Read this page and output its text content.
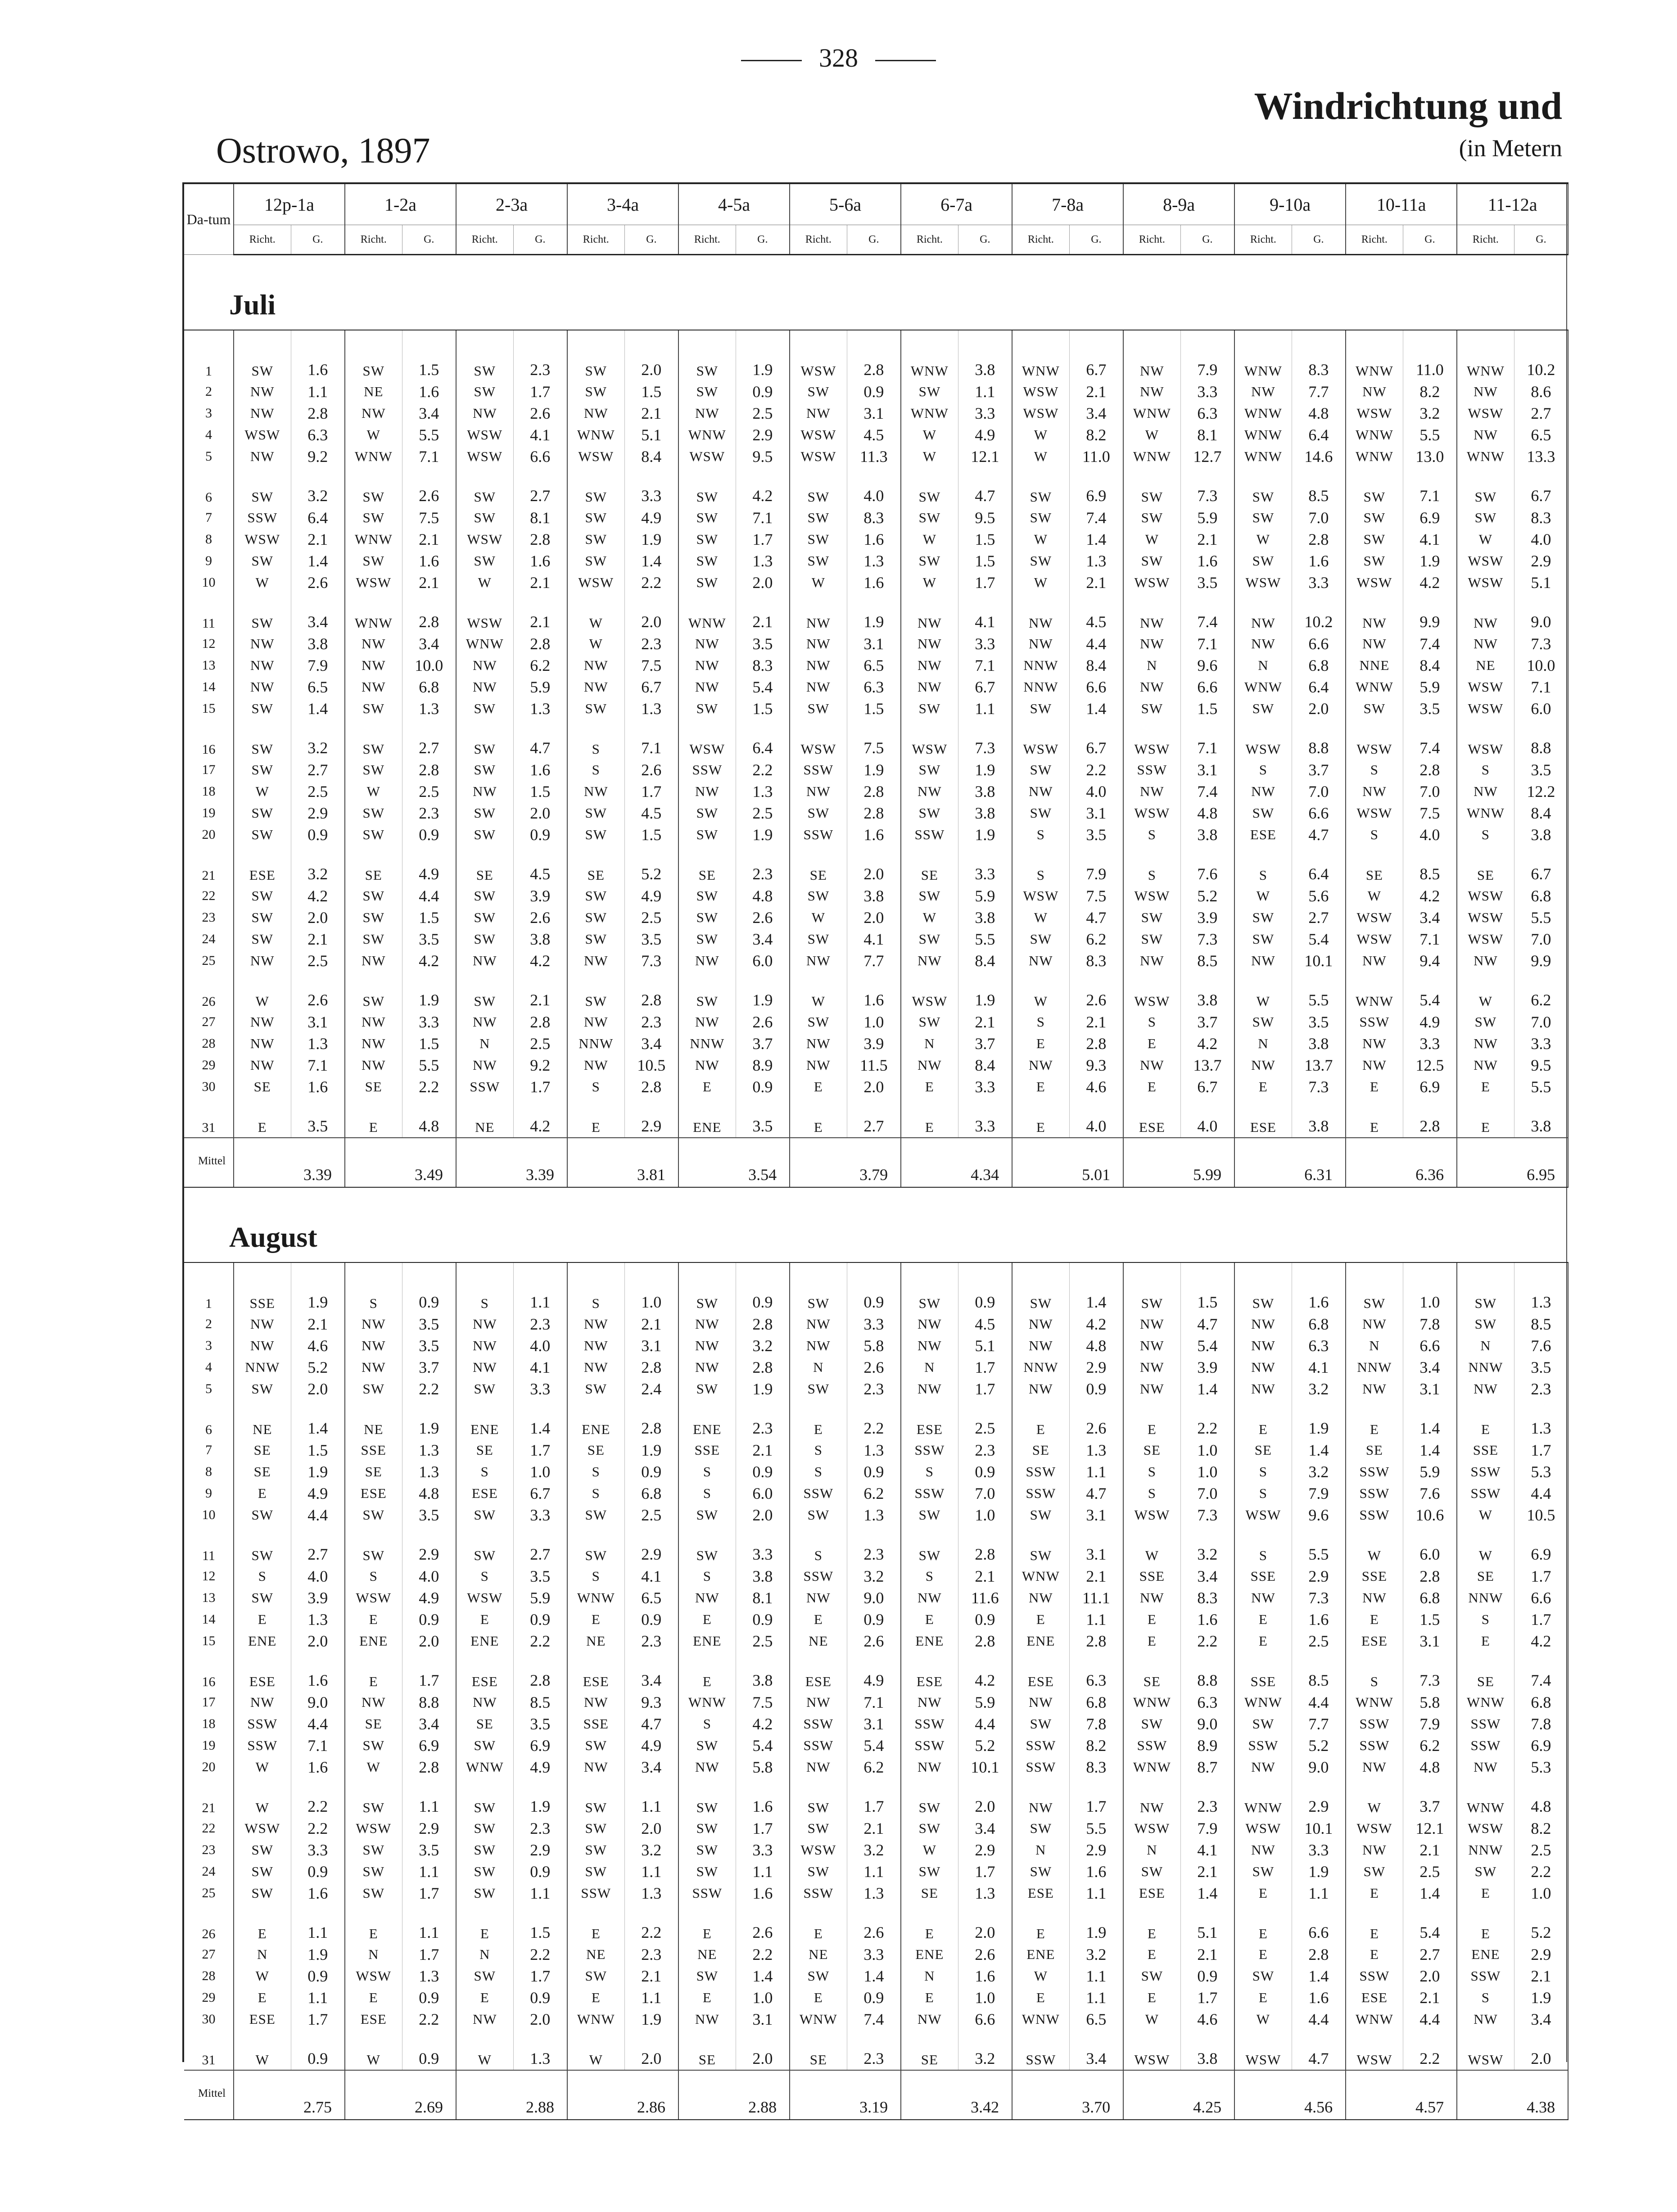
328
Windrichtung und
(in Metern
Ostrowo, 1897
Da-tum	12p-1a		1-2a		2-3a		3-4a		4-5a		5-6a		6-7a		7-8a		8-9a		9-10a		10-11a		11-12a	
	Richt.	G.	Richt.	G.	Richt.	G.	Richt.	G.	Richt.	G.	Richt.	G.	Richt.	G.	Richt.	G.	Richt.	G.	Richt.	G.	Richt.	G.	Richt.	G.

Juli																								

1	SW	1.6	SW	1.5	SW	2.3	SW	2.0	SW	1.9	WSW	2.8	WNW	3.8	WNW	6.7	NW	7.9	WNW	8.3	WNW	11.0	WNW	10.2
2	NW	1.1	NE	1.6	SW	1.7	SW	1.5	SW	0.9	SW	0.9	SW	1.1	WSW	2.1	NW	3.3	NW	7.7	NW	8.2	NW	8.6
3	NW	2.8	NW	3.4	NW	2.6	NW	2.1	NW	2.5	NW	3.1	WNW	3.3	WSW	3.4	WNW	6.3	WNW	4.8	WSW	3.2	WSW	2.7
4	WSW	6.3	W	5.5	WSW	4.1	WNW	5.1	WNW	2.9	WSW	4.5	W	4.9	W	8.2	W	8.1	WNW	6.4	WNW	5.5	NW	6.5
5	NW	9.2	WNW	7.1	WSW	6.6	WSW	8.4	WSW	9.5	WSW	11.3	W	12.1	W	11.0	WNW	12.7	WNW	14.6	WNW	13.0	WNW	13.3
6	SW	3.2	SW	2.6	SW	2.7	SW	3.3	SW	4.2	SW	4.0	SW	4.7	SW	6.9	SW	7.3	SW	8.5	SW	7.1	SW	6.7
7	SSW	6.4	SW	7.5	SW	8.1	SW	4.9	SW	7.1	SW	8.3	SW	9.5	SW	7.4	SW	5.9	SW	7.0	SW	6.9	SW	8.3
8	WSW	2.1	WNW	2.1	WSW	2.8	SW	1.9	SW	1.7	SW	1.6	W	1.5	W	1.4	W	2.1	W	2.8	SW	4.1	W	4.0
9	SW	1.4	SW	1.6	SW	1.6	SW	1.4	SW	1.3	SW	1.3	SW	1.5	SW	1.3	SW	1.6	SW	1.6	SW	1.9	WSW	2.9
10	W	2.6	WSW	2.1	W	2.1	WSW	2.2	SW	2.0	W	1.6	W	1.7	W	2.1	WSW	3.5	WSW	3.3	WSW	4.2	WSW	5.1
11	SW	3.4	WNW	2.8	WSW	2.1	W	2.0	WNW	2.1	NW	1.9	NW	4.1	NW	4.5	NW	7.4	NW	10.2	NW	9.9	NW	9.0
12	NW	3.8	NW	3.4	WNW	2.8	W	2.3	NW	3.5	NW	3.1	NW	3.3	NW	4.4	NW	7.1	NW	6.6	NW	7.4	NW	7.3
13	NW	7.9	NW	10.0	NW	6.2	NW	7.5	NW	8.3	NW	6.5	NW	7.1	NNW	8.4	N	9.6	N	6.8	NNE	8.4	NE	10.0
14	NW	6.5	NW	6.8	NW	5.9	NW	6.7	NW	5.4	NW	6.3	NW	6.7	NNW	6.6	NW	6.6	WNW	6.4	WNW	5.9	WSW	7.1
15	SW	1.4	SW	1.3	SW	1.3	SW	1.3	SW	1.5	SW	1.5	SW	1.1	SW	1.4	SW	1.5	SW	2.0	SW	3.5	WSW	6.0
16	SW	3.2	SW	2.7	SW	4.7	S	7.1	WSW	6.4	WSW	7.5	WSW	7.3	WSW	6.7	WSW	7.1	WSW	8.8	WSW	7.4	WSW	8.8
17	SW	2.7	SW	2.8	SW	1.6	S	2.6	SSW	2.2	SSW	1.9	SW	1.9	SW	2.2	SSW	3.1	S	3.7	S	2.8	S	3.5
18	W	2.5	W	2.5	NW	1.5	NW	1.7	NW	1.3	NW	2.8	NW	3.8	NW	4.0	NW	7.4	NW	7.0	NW	7.0	NW	12.2
19	SW	2.9	SW	2.3	SW	2.0	SW	4.5	SW	2.5	SW	2.8	SW	3.8	SW	3.1	WSW	4.8	SW	6.6	WSW	7.5	WNW	8.4
20	SW	0.9	SW	0.9	SW	0.9	SW	1.5	SW	1.9	SSW	1.6	SSW	1.9	S	3.5	S	3.8	ESE	4.7	S	4.0	S	3.8
21	ESE	3.2	SE	4.9	SE	4.5	SE	5.2	SE	2.3	SE	2.0	SE	3.3	S	7.9	S	7.6	S	6.4	SE	8.5	SE	6.7
22	SW	4.2	SW	4.4	SW	3.9	SW	4.9	SW	4.8	SW	3.8	SW	5.9	WSW	7.5	WSW	5.2	W	5.6	W	4.2	WSW	6.8
23	SW	2.0	SW	1.5	SW	2.6	SW	2.5	SW	2.6	W	2.0	W	3.8	W	4.7	SW	3.9	SW	2.7	WSW	3.4	WSW	5.5
24	SW	2.1	SW	3.5	SW	3.8	SW	3.5	SW	3.4	SW	4.1	SW	5.5	SW	6.2	SW	7.3	SW	5.4	WSW	7.1	WSW	7.0
25	NW	2.5	NW	4.2	NW	4.2	NW	7.3	NW	6.0	NW	7.7	NW	8.4	NW	8.3	NW	8.5	NW	10.1	NW	9.4	NW	9.9
26	W	2.6	SW	1.9	SW	2.1	SW	2.8	SW	1.9	W	1.6	WSW	1.9	W	2.6	WSW	3.8	W	5.5	WNW	5.4	W	6.2
27	NW	3.1	NW	3.3	NW	2.8	NW	2.3	NW	2.6	SW	1.0	SW	2.1	S	2.1	S	3.7	SW	3.5	SSW	4.9	SW	7.0
28	NW	1.3	NW	1.5	N	2.5	NNW	3.4	NNW	3.7	NW	3.9	N	3.7	E	2.8	E	4.2	N	3.8	NW	3.3	NW	3.3
29	NW	7.1	NW	5.5	NW	9.2	NW	10.5	NW	8.9	NW	11.5	NW	8.4	NW	9.3	NW	13.7	NW	13.7	NW	12.5	NW	9.5
30	SE	1.6	SE	2.2	SSW	1.7	S	2.8	E	0.9	E	2.0	E	3.3	E	4.6	E	6.7	E	7.3	E	6.9	E	5.5
31	E	3.5	E	4.8	NE	4.2	E	2.9	ENE	3.5	E	2.7	E	3.3	E	4.0	ESE	4.0	ESE	3.8	E	2.8	E	3.8
Mittel		3.39		3.49		3.39		3.81		3.54		3.79		4.34		5.01		5.99		6.31		6.36		6.95

August																								

1	SSE	1.9	S	0.9	S	1.1	S	1.0	SW	0.9	SW	0.9	SW	0.9	SW	1.4	SW	1.5	SW	1.6	SW	1.0	SW	1.3
2	NW	2.1	NW	3.5	NW	2.3	NW	2.1	NW	2.8	NW	3.3	NW	4.5	NW	4.2	NW	4.7	NW	6.8	NW	7.8	SW	8.5
3	NW	4.6	NW	3.5	NW	4.0	NW	3.1	NW	3.2	NW	5.8	NW	5.1	NW	4.8	NW	5.4	NW	6.3	N	6.6	N	7.6
4	NNW	5.2	NW	3.7	NW	4.1	NW	2.8	NW	2.8	N	2.6	N	1.7	NNW	2.9	NW	3.9	NW	4.1	NNW	3.4	NNW	3.5
5	SW	2.0	SW	2.2	SW	3.3	SW	2.4	SW	1.9	SW	2.3	NW	1.7	NW	0.9	NW	1.4	NW	3.2	NW	3.1	NW	2.3
6	NE	1.4	NE	1.9	ENE	1.4	ENE	2.8	ENE	2.3	E	2.2	ESE	2.5	E	2.6	E	2.2	E	1.9	E	1.4	E	1.3
7	SE	1.5	SSE	1.3	SE	1.7	SE	1.9	SSE	2.1	S	1.3	SSW	2.3	SE	1.3	SE	1.0	SE	1.4	SE	1.4	SSE	1.7
8	SE	1.9	SE	1.3	S	1.0	S	0.9	S	0.9	S	0.9	S	0.9	SSW	1.1	S	1.0	S	3.2	SSW	5.9	SSW	5.3
9	E	4.9	ESE	4.8	ESE	6.7	S	6.8	S	6.0	SSW	6.2	SSW	7.0	SSW	4.7	S	7.0	S	7.9	SSW	7.6	SSW	4.4
10	SW	4.4	SW	3.5	SW	3.3	SW	2.5	SW	2.0	SW	1.3	SW	1.0	SW	3.1	WSW	7.3	WSW	9.6	SSW	10.6	W	10.5
11	SW	2.7	SW	2.9	SW	2.7	SW	2.9	SW	3.3	S	2.3	SW	2.8	SW	3.1	W	3.2	S	5.5	W	6.0	W	6.9
12	S	4.0	S	4.0	S	3.5	S	4.1	S	3.8	SSW	3.2	S	2.1	WNW	2.1	SSE	3.4	SSE	2.9	SSE	2.8	SE	1.7
13	SW	3.9	WSW	4.9	WSW	5.9	WNW	6.5	NW	8.1	NW	9.0	NW	11.6	NW	11.1	NW	8.3	NW	7.3	NW	6.8	NNW	6.6
14	E	1.3	E	0.9	E	0.9	E	0.9	E	0.9	E	0.9	E	0.9	E	1.1	E	1.6	E	1.6	E	1.5	S	1.7
15	ENE	2.0	ENE	2.0	ENE	2.2	NE	2.3	ENE	2.5	NE	2.6	ENE	2.8	ENE	2.8	E	2.2	E	2.5	ESE	3.1	E	4.2
16	ESE	1.6	E	1.7	ESE	2.8	ESE	3.4	E	3.8	ESE	4.9	ESE	4.2	ESE	6.3	SE	8.8	SSE	8.5	S	7.3	SE	7.4
17	NW	9.0	NW	8.8	NW	8.5	NW	9.3	WNW	7.5	NW	7.1	NW	5.9	NW	6.8	WNW	6.3	WNW	4.4	WNW	5.8	WNW	6.8
18	SSW	4.4	SE	3.4	SE	3.5	SSE	4.7	S	4.2	SSW	3.1	SSW	4.4	SW	7.8	SW	9.0	SW	7.7	SSW	7.9	SSW	7.8
19	SSW	7.1	SW	6.9	SW	6.9	SW	4.9	SW	5.4	SSW	5.4	SSW	5.2	SSW	8.2	SSW	8.9	SSW	5.2	SSW	6.2	SSW	6.9
20	W	1.6	W	2.8	WNW	4.9	NW	3.4	NW	5.8	NW	6.2	NW	10.1	SSW	8.3	WNW	8.7	NW	9.0	NW	4.8	NW	5.3
21	W	2.2	SW	1.1	SW	1.9	SW	1.1	SW	1.6	SW	1.7	SW	2.0	NW	1.7	NW	2.3	WNW	2.9	W	3.7	WNW	4.8
22	WSW	2.2	WSW	2.9	SW	2.3	SW	2.0	SW	1.7	SW	2.1	SW	3.4	SW	5.5	WSW	7.9	WSW	10.1	WSW	12.1	WSW	8.2
23	SW	3.3	SW	3.5	SW	2.9	SW	3.2	SW	3.3	WSW	3.2	W	2.9	N	2.9	N	4.1	NW	3.3	NW	2.1	NNW	2.5
24	SW	0.9	SW	1.1	SW	0.9	SW	1.1	SW	1.1	SW	1.1	SW	1.7	SW	1.6	SW	2.1	SW	1.9	SW	2.5	SW	2.2
25	SW	1.6	SW	1.7	SW	1.1	SSW	1.3	SSW	1.6	SSW	1.3	SE	1.3	ESE	1.1	ESE	1.4	E	1.1	E	1.4	E	1.0
26	E	1.1	E	1.1	E	1.5	E	2.2	E	2.6	E	2.6	E	2.0	E	1.9	E	5.1	E	6.6	E	5.4	E	5.2
27	N	1.9	N	1.7	N	2.2	NE	2.3	NE	2.2	NE	3.3	ENE	2.6	ENE	3.2	E	2.1	E	2.8	E	2.7	ENE	2.9
28	W	0.9	WSW	1.3	SW	1.7	SW	2.1	SW	1.4	SW	1.4	N	1.6	W	1.1	SW	0.9	SW	1.4	SSW	2.0	SSW	2.1
29	E	1.1	E	0.9	E	0.9	E	1.1	E	1.0	E	0.9	E	1.0	E	1.1	E	1.7	E	1.6	ESE	2.1	S	1.9
30	ESE	1.7	ESE	2.2	NW	2.0	WNW	1.9	NW	3.1	WNW	7.4	NW	6.6	WNW	6.5	W	4.6	W	4.4	WNW	4.4	NW	3.4
31	W	0.9	W	0.9	W	1.3	W	2.0	SE	2.0	SE	2.3	SE	3.2	SSW	3.4	WSW	3.8	WSW	4.7	WSW	2.2	WSW	2.0
Mittel		2.75		2.69		2.88		2.86		2.88		3.19		3.42		3.70		4.25		4.56		4.57		4.38
